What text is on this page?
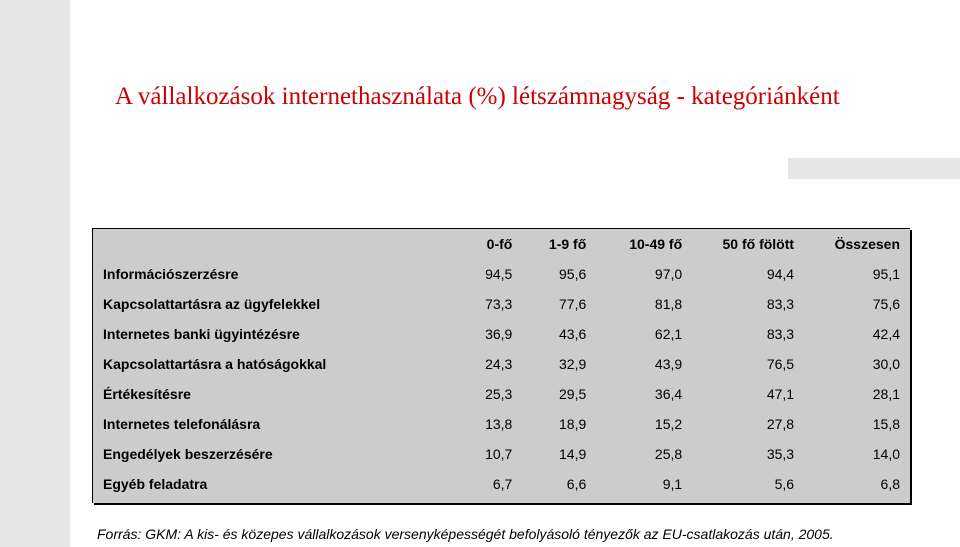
A vállalkozások internethasználata (%) létszámnagyság - kategóriánként
	0-fő	1-9 fő	10-49 fő	50 fő fölött	Összesen
Információszerzésre	94,5	95,6	97,0	94,4	95,1
Kapcsolattartásra az ügyfelekkel	73,3	77,6	81,8	83,3	75,6
Internetes banki ügyintézésre	36,9	43,6	62,1	83,3	42,4
Kapcsolattartásra a hatóságokkal	24,3	32,9	43,9	76,5	30,0
Értékesítésre	25,3	29,5	36,4	47,1	28,1
Internetes telefonálásra	13,8	18,9	15,2	27,8	15,8
Engedélyek beszerzésére	10,7	14,9	25,8	35,3	14,0
Egyéb feladatra	6,7	6,6	9,1	5,6	6,8

Forrás: GKM: A kis- és közepes vállalkozások versenyképességét befolyásoló tényezők az EU-csatlakozás után, 2005.
